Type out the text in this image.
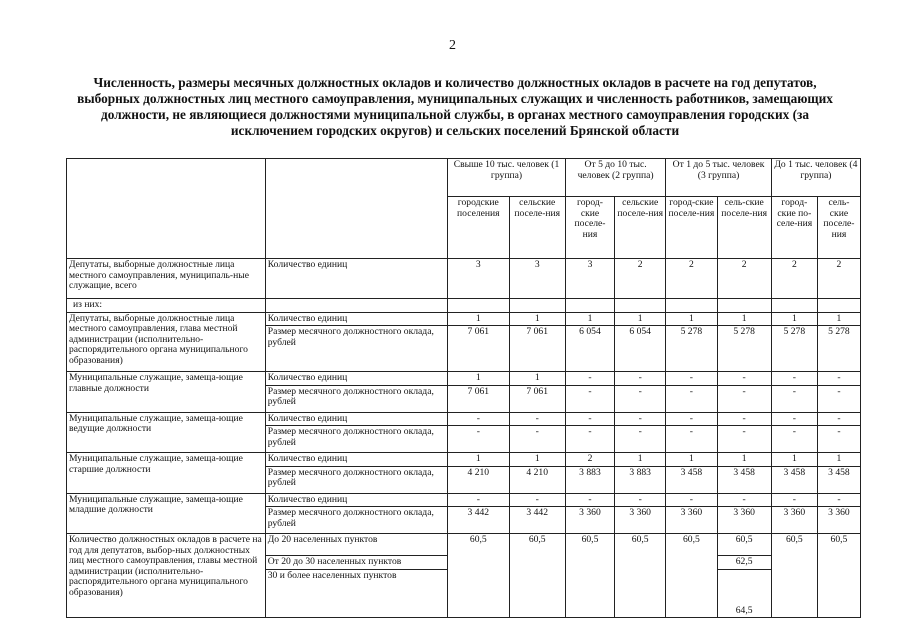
2
Численность, размеры месячных должностных окладов и количество должностных окладов в расчете на год депутатов, выборных должностных лиц местного самоуправления, муниципальных служащих и численность работников, замещающих должности, не являющиеся должностями муниципальной службы, в органах местного самоуправления городских (за исключением городских округов) и сельских поселений Брянской области
		Свыше 10 тыс. человек (1 группа)		От 5 до 10 тыс. человек (2 группа)		От 1 до 5 тыс. человек (3 группа)		До 1 тыс. человек (4 группа)	
		городские поселения	сельские поселе-ния	город-ские поселе-ния	сельские поселе-ния	город-ские поселе-ния	сель-ские поселе-ния	город-ские по-селе-ния	сель-ские поселе-ния
Депутаты, выборные должностные лица местного самоуправления, муниципаль-ные служащие, всего	Количество единиц	3	3	3	2	2	2	2	2
из них:									
Депутаты, выборные должностные лица местного самоуправления, глава местной администрации (исполнительно-распорядительного органа муниципального образования)	Количество единиц	1	1	1	1	1	1	1	1
	Размер месячного должностного оклада, рублей	7 061	7 061	6 054	6 054	5 278	5 278	5 278	5 278
Муниципальные служащие, замеща-ющие главные должности	Количество единиц	1	1	-	-	-	-	-	-
	Размер месячного должностного оклада, рублей	7 061	7 061	-	-	-	-	-	-
Муниципальные служащие, замеща-ющие ведущие должности	Количество единиц	-	-	-	-	-	-	-	-
	Размер месячного должностного оклада, рублей	-	-	-	-	-	-	-	-
Муниципальные служащие, замеща-ющие старшие должности	Количество единиц	1	1	2	1	1	1	1	1
	Размер месячного должностного оклада, рублей	4 210	4 210	3 883	3 883	3 458	3 458	3 458	3 458
Муниципальные служащие, замеща-ющие младшие должности	Количество единиц	-	-	-	-	-	-	-	-
	Размер месячного должностного оклада, рублей	3 442	3 442	3 360	3 360	3 360	3 360	3 360	3 360
Количество должностных окладов в расчете на год для депутатов, выбор-ных должностных лиц местного самоуправления, главы местной администрации (исполнительно-распорядительного органа муниципального образования)	До 20 населенных пунктов	60,5	60,5	60,5	60,5	60,5	60,5	60,5	60,5
	От 20 до 30 населенных пунктов						62,5		
	30 и более населенных пунктов						64,5		
